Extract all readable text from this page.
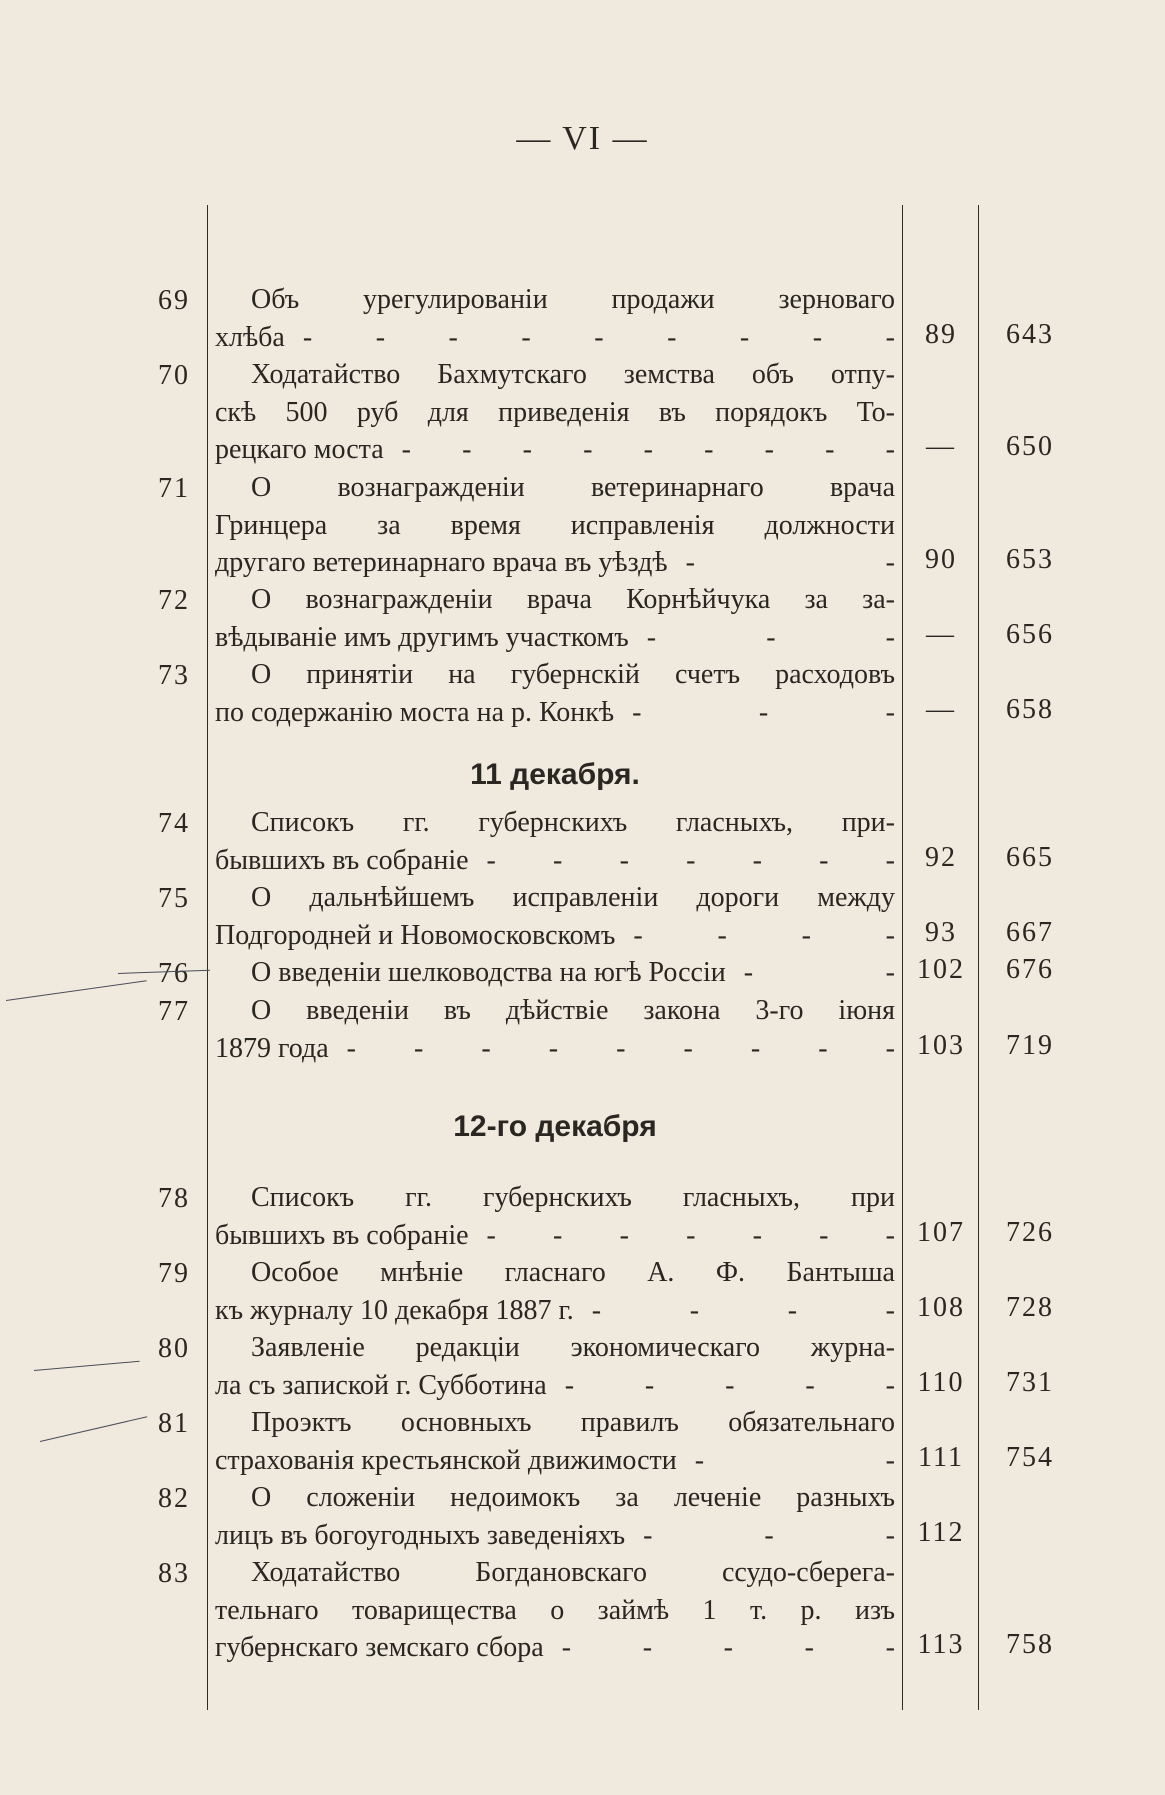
— VI —
69	Объ урегулированіи продажи зерноваго
хлѣба - - - - - - - - -	89	643
70	Ходатайство Бахмутскаго земства объ отпу-
скѣ 500 руб для приведенія въ порядокъ То-
рецкаго моста - - - - - - - - -	—	650
71	О вознагражденіи ветеринарнаго врача
Гринцера за время исправленія должности
другаго ветеринарнаго врача въ уѣздѣ -	-	90	653
72	О вознагражденіи врача Корнѣйчука за за-
вѣдываніе имъ другимъ участкомъ -	-	-	—	656
73	О принятіи на губернскій счетъ расходовъ
по содержанію моста на р. Конкѣ -	-	-	—	658
11 декабря.
74	Списокъ гг. губернскихъ гласныхъ, при-
бывшихъ въ собраніе - - - - - - -	92	665
75	О дальнѣйшемъ исправленіи дороги между
Подгородней и Новомосковскомъ -	-	-	-	93	667
76 О введеніи шелководства на югѣ Россіи -	- 102	676
77	О введеніи въ дѣйствіе закона 3-го іюня
1879 года - - - - - - - - - 103	719
12-го декабря
78	Списокъ гг. губернскихъ гласныхъ, при
бывшихъ въ собраніе - - - - - - - 107	726
79	Особое мнѣніе гласнаго А. Ф. Бантыша
къ журналу 10 декабря 1887 г. -	-	-	- 108	728
80	Заявленіе редакціи экономическаго журна-
ла съ запиской г. Субботина -	-	-	-	- 110	731
81	Проэктъ основныхъ правилъ обязательнаго
страхованія крестьянской движимости -	- 111	754
82	О сложеніи недоимокъ за леченіе разныхъ
лицъ въ богоугодныхъ заведеніяхъ -	-	- 112
83	Ходатайство Богдановскаго ссудо-сберега-
тельнаго товарищества о займѣ 1 т. р. изъ
губернскаго земскаго сбора -	-	-	-	- 113	758
